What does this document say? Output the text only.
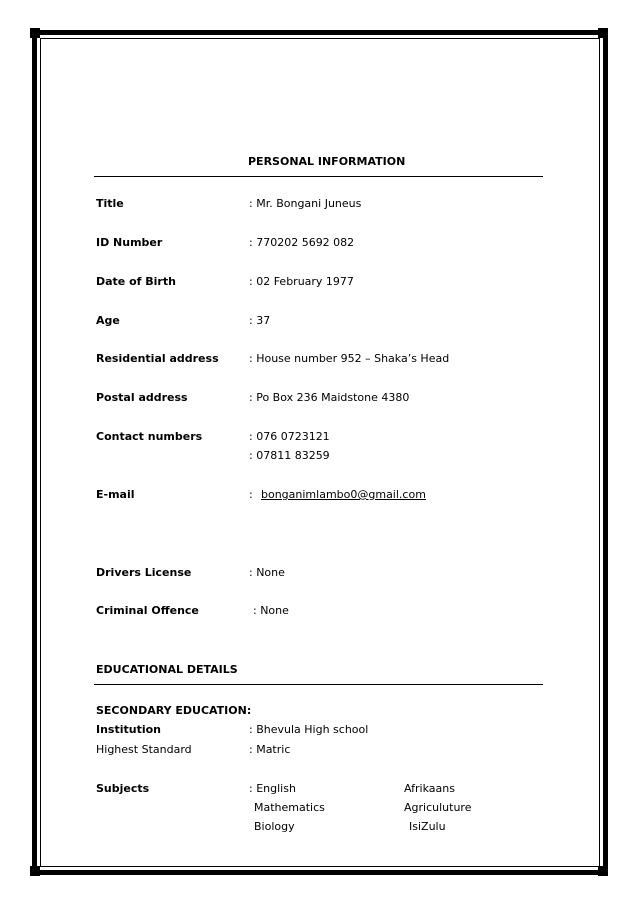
PERSONAL INFORMATION
Title	: Mr. Bongani Juneus
ID Number	: 770202 5692 082
Date of Birth	: 02 February 1977
Age	: 37
Residential address	: House number 952 – Shaka’s Head
Postal address	: Po Box 236 Maidstone 4380
Contact numbers	: 076 0723121
: 07811 83259
E-mail	: bonganimlambo0@gmail.com
Drivers License	: None
Criminal Offence	: None
EDUCATIONAL DETAILS
SECONDARY EDUCATION:
Institution	: Bhevula High school
Highest Standard	: Matric
Subjects	: English	Afrikaans
Mathematics	Agriculuture
Biology	IsiZulu
